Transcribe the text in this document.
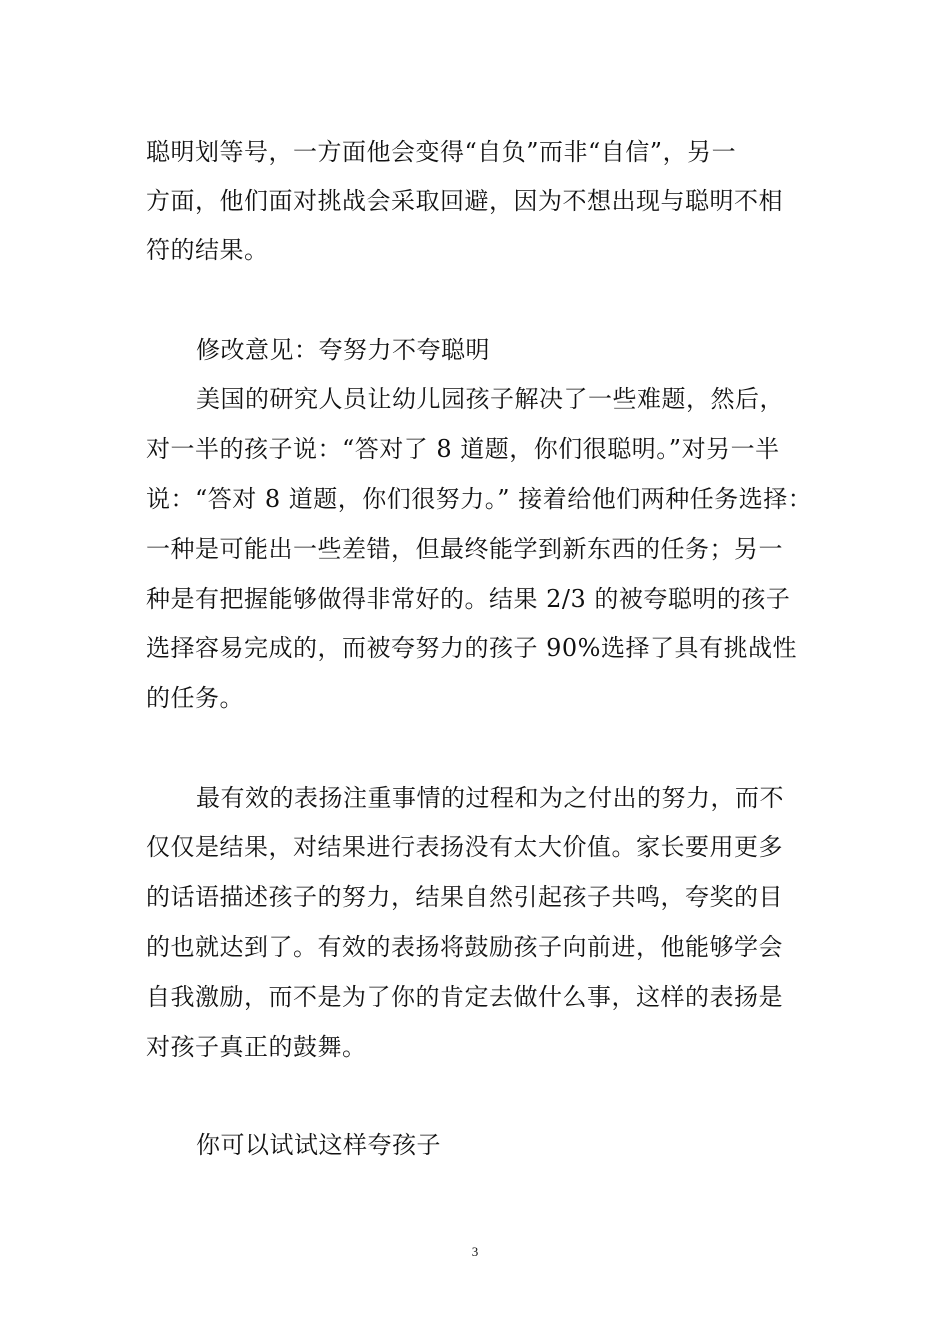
聪明划等号，一方面他会变得“自负”而非“自信”，另一
方面，他们面对挑战会采取回避，因为不想出现与聪明不相
符的结果。
修改意见：夸努力不夸聪明
美国的研究人员让幼儿园孩子解决了一些难题，然后，
对一半的孩子说：“答对了 8 道题，你们很聪明。”对另一半
说：“答对 8 道题，你们很努力。” 接着给他们两种任务选择：
一种是可能出一些差错，但最终能学到新东西的任务；另一
种是有把握能够做得非常好的。结果 2/3 的被夸聪明的孩子
选择容易完成的，而被夸努力的孩子 90%选择了具有挑战性
的任务。
最有效的表扬注重事情的过程和为之付出的努力，而不
仅仅是结果，对结果进行表扬没有太大价值。家长要用更多
的话语描述孩子的努力，结果自然引起孩子共鸣，夸奖的目
的也就达到了。有效的表扬将鼓励孩子向前进，他能够学会
自我激励，而不是为了你的肯定去做什么事，这样的表扬是
对孩子真正的鼓舞。
你可以试试这样夸孩子
3
